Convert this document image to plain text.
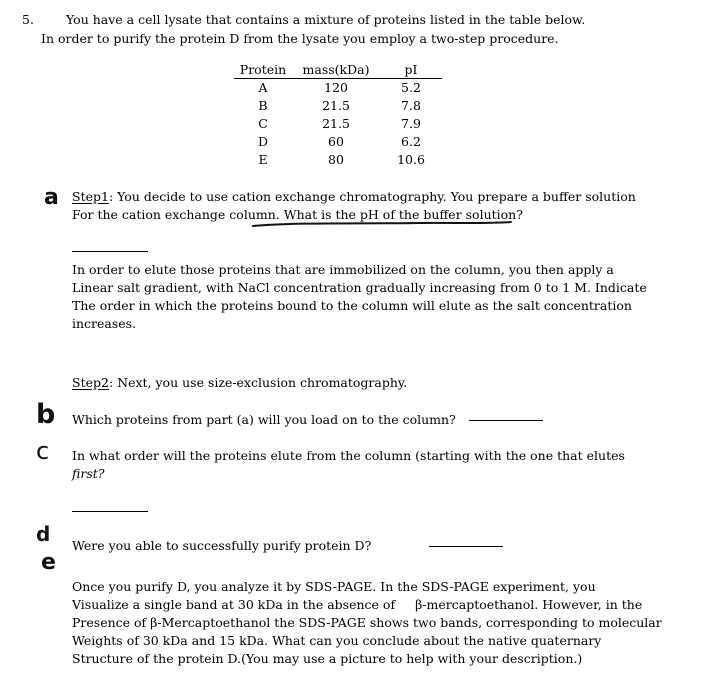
5.	You have a cell lysate that contains a mixture of proteins listed in the table below.
In order to purify the protein D from the lysate you employ a two-step procedure.
Protein	mass(kDa)	pI
A	120	5.2
B	21.5	7.8
C	21.5	7.9
D	60	6.2
E	80	10.6
a Step1: You decide to use cation exchange chromatography. You prepare a buffer solution
For the cation exchange column. What is the pH of the buffer solution?
In order to elute those proteins that are immobilized on the column, you then apply a
Linear salt gradient, with NaCl concentration gradually increasing from 0 to 1 M. Indicate
The order in which the proteins bound to the column will elute as the salt concentration
increases.
Step2: Next, you use size-exclusion chromatography.
b Which proteins from part (a) will you load on to the column?
c In what order will the proteins elute from the column (starting with the one that elutes
first?
d Were you able to successfully purify protein D?
e
Once you purify D, you analyze it by SDS-PAGE. In the SDS-PAGE experiment, you
Visualize a single band at 30 kDa in the absence of β-mercaptoethanol. However, in the
Presence of β-Mercaptoethanol the SDS-PAGE shows two bands, corresponding to molecular
Weights of 30 kDa and 15 kDa. What can you conclude about the native quaternary
Structure of the protein D.(You may use a picture to help with your description.)
